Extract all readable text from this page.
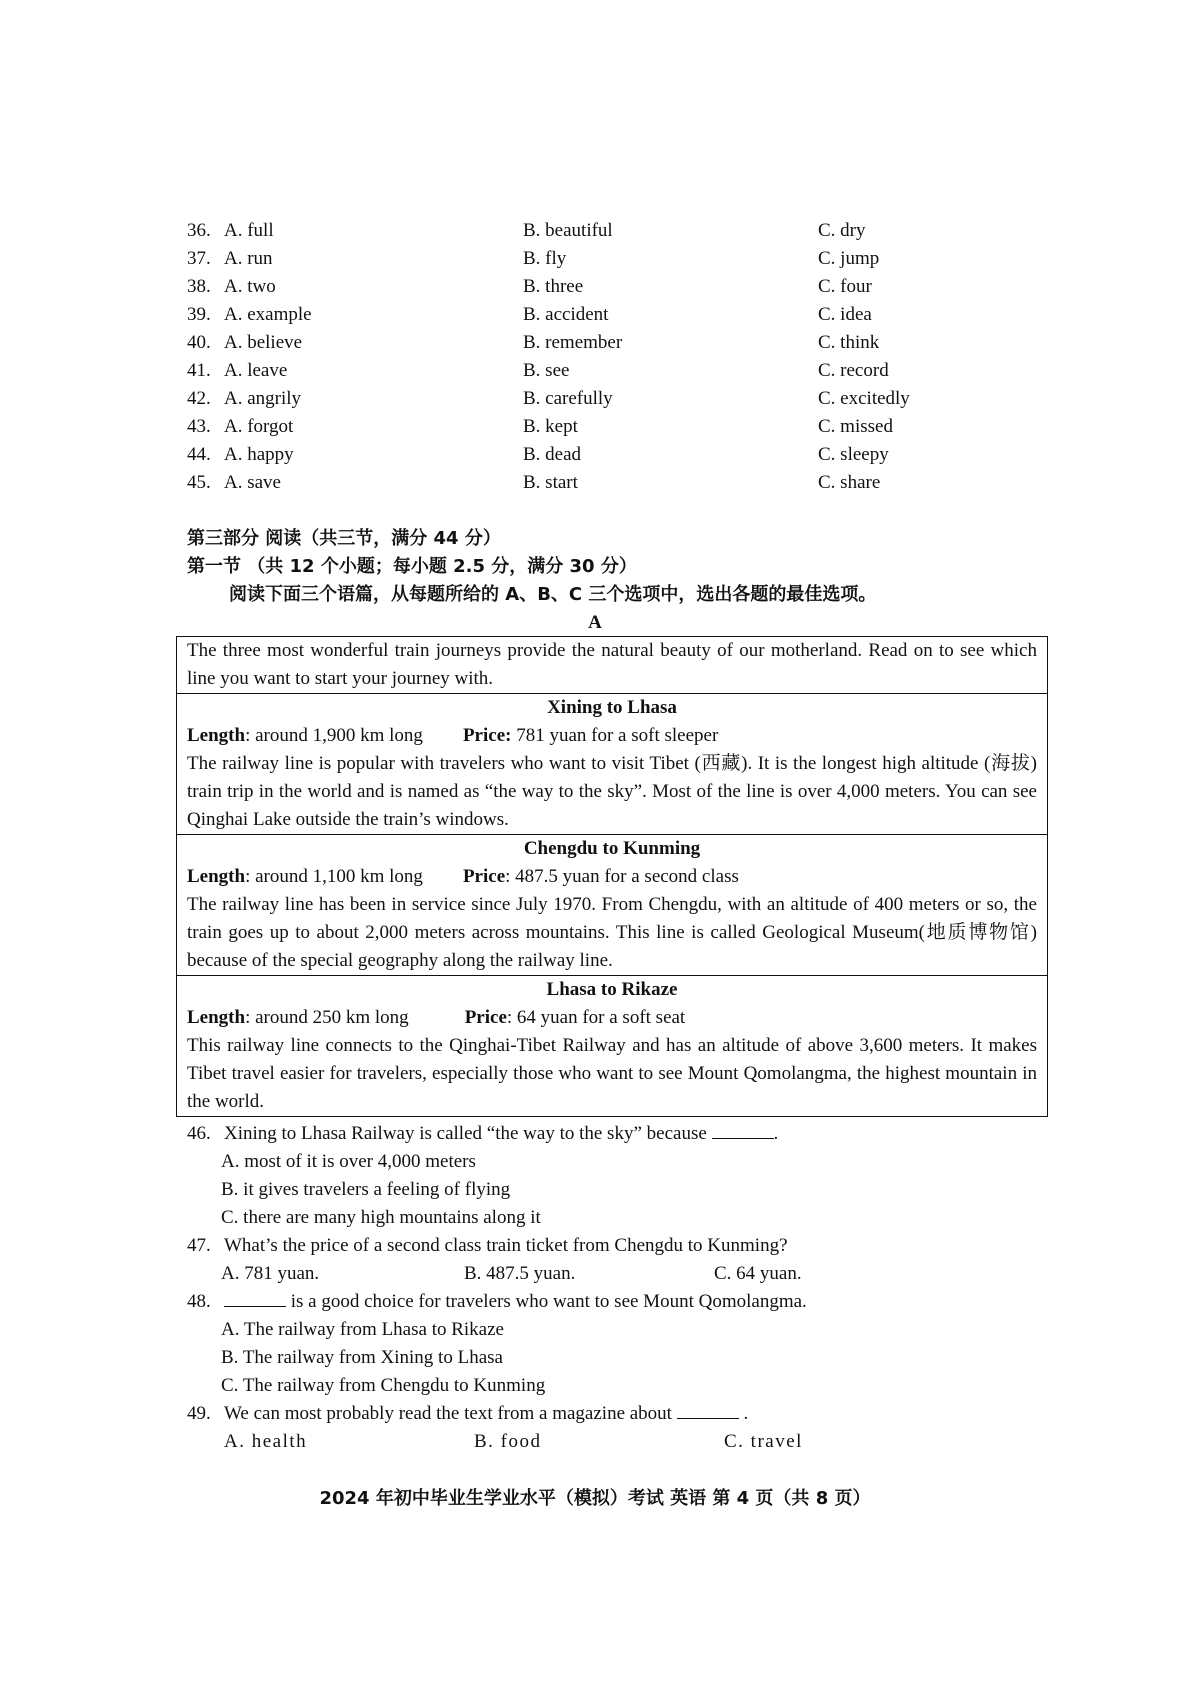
36. A. full	B. beautiful	C. dry
37. A. run	B. fly	C. jump
38. A. two	B. three	C. four
39. A. example	B. accident	C. idea
40. A. believe	B. remember	C. think
41. A. leave	B. see	C. record
42. A. angrily	B. carefully	C. excitedly
43. A. forgot	B. kept	C. missed
44. A. happy	B. dead	C. sleepy
45. A. save	B. start	C. share
第三部分 阅读（共三节，满分 44 分）
第一节 （共 12 个小题；每小题 2.5 分，满分 30 分）
阅读下面三个语篇，从每题所给的 A、B、C 三个选项中，选出各题的最佳选项。
A

The three most wonderful train journeys provide the natural beauty of our motherland. Read on to see which line you want to start your journey with.

Xining to Lhasa
Length: around 1,900 km long Price: 781 yuan for a soft sleeper

The railway line is popular with travelers who want to visit Tibet (西藏). It is the longest high altitude (海拔) train trip in the world and is named as “the way to the sky”. Most of the line is over 4,000 meters. You can see Qinghai Lake outside the train’s windows.

Chengdu to Kunming
Length: around 1,100 km long Price: 487.5 yuan for a second class

The railway line has been in service since July 1970. From Chengdu, with an altitude of 400 meters or so, the train goes up to about 2,000 meters across mountains. This line is called Geological Museum(地质博物馆) because of the special geography along the railway line.

Lhasa to Rikaze
Length: around 250 km long	Price: 64 yuan for a soft seat

This railway line connects to the Qinghai-Tibet Railway and has an altitude of above 3,600 meters. It makes Tibet travel easier for travelers, especially those who want to see Mount Qomolangma, the highest mountain in the world.

46. Xining to Lhasa Railway is called “the way to the sky” because	.
A. most of it is over 4,000 meters
B. it gives travelers a feeling of flying
C. there are many high mountains along it
47. What’s the price of a second class train ticket from Chengdu to Kunming?
A. 781 yuan.	B. 487.5 yuan.	C. 64 yuan.
48.	is a good choice for travelers who want to see Mount Qomolangma.
A. The railway from Lhasa to Rikaze
B. The railway from Xining to Lhasa
C. The railway from Chengdu to Kunming
49. We can most probably read the text from a magazine about	.
A. health	B. food	C. travel
2024 年初中毕业生学业水平（模拟）考试 英语 第 4 页（共 8 页）
